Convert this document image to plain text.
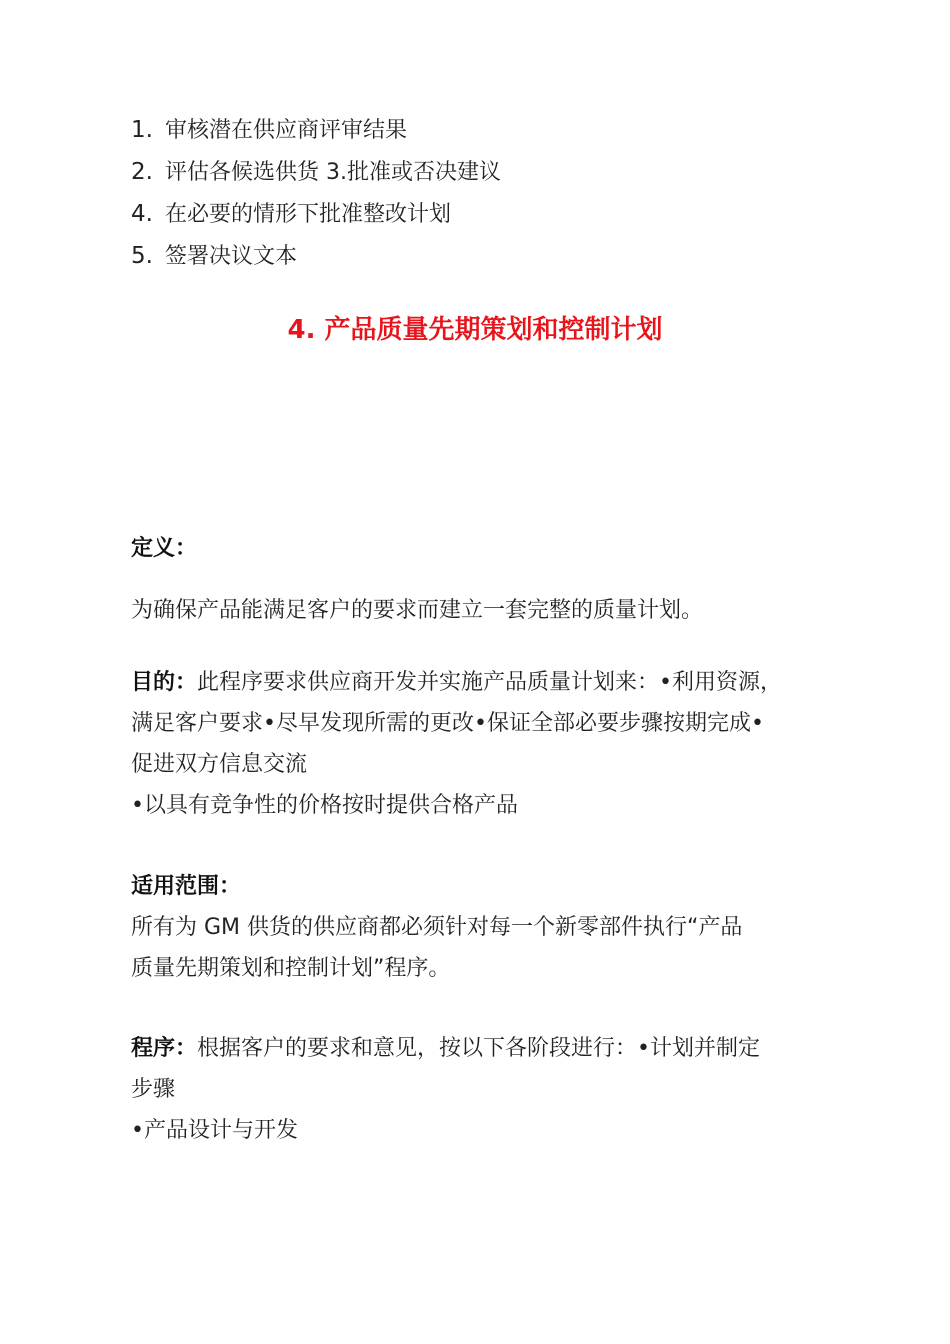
1. 审核潜在供应商评审结果
2. 评估各候选供货 3.批准或否决建议
4. 在必要的情形下批准整改计划
5. 签署决议文本
4. 产品质量先期策划和控制计划

定义：

为确保产品能满足客户的要求而建立一套完整的质量计划。

目的：此程序要求供应商开发并实施产品质量计划来：•利用资源，
满足客户要求•尽早发现所需的更改•保证全部必要步骤按期完成•
促进双方信息交流
•以具有竞争性的价格按时提供合格产品
适用范围：
所有为 GM 供货的供应商都必须针对每一个新零部件执行“产品
质量先期策划和控制计划”程序。
程序：根据客户的要求和意见，按以下各阶段进行：•计划并制定
步骤
•产品设计与开发
